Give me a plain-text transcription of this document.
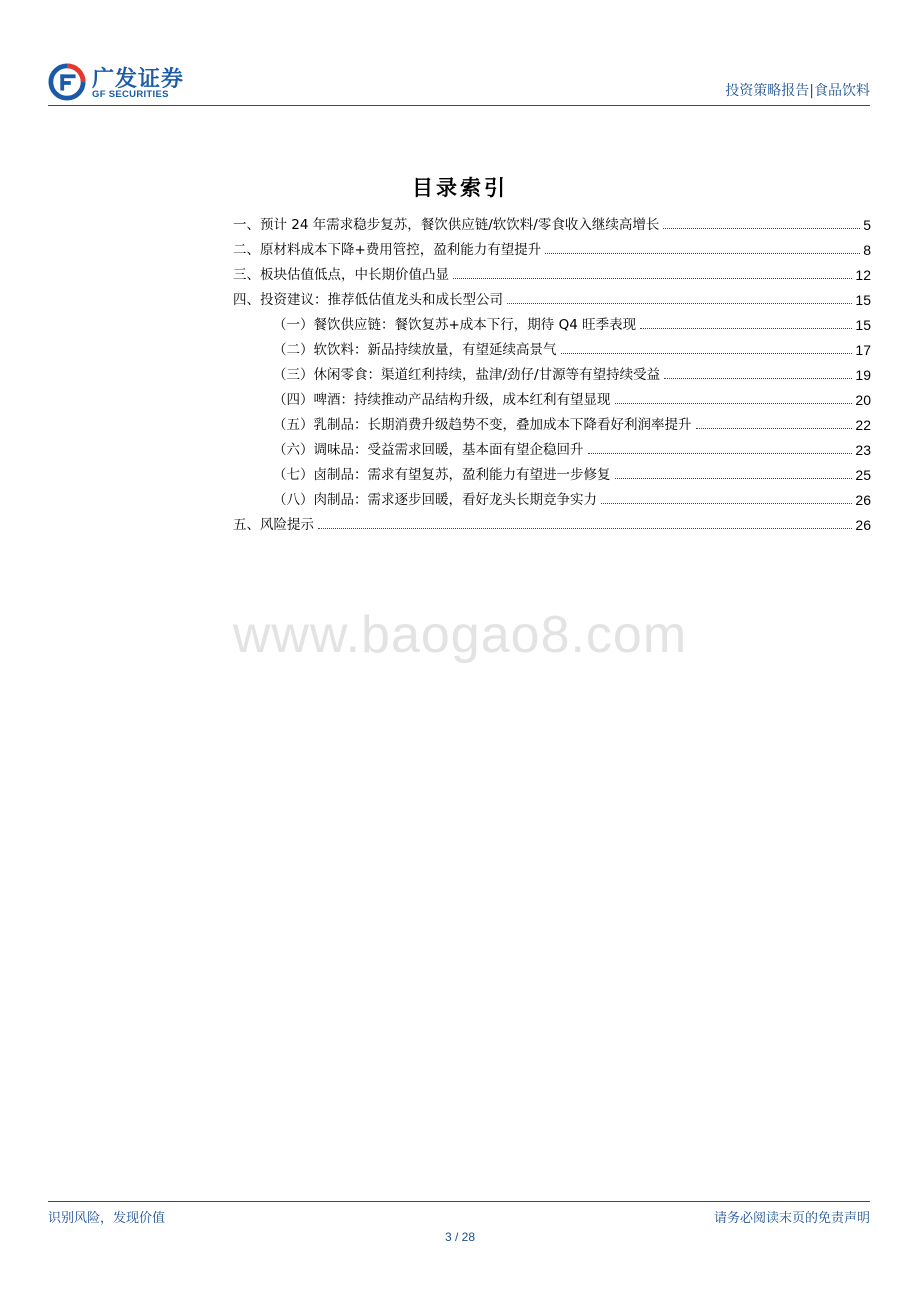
广发证券
GF SECURITIES	投资策略报告|食品饮料
目录索引
一、预计 24 年需求稳步复苏，餐饮供应链/软饮料/零食收入继续高增长	5
二、原材料成本下降+费用管控，盈利能力有望提升	8
三、板块估值低点，中长期价值凸显	12
四、投资建议：推荐低估值龙头和成长型公司	15
（一）餐饮供应链：餐饮复苏+成本下行，期待 Q4 旺季表现	15
（二）软饮料：新品持续放量，有望延续高景气	17
（三）休闲零食：渠道红利持续，盐津/劲仔/甘源等有望持续受益	19
（四）啤酒：持续推动产品结构升级，成本红利有望显现	20
（五）乳制品：长期消费升级趋势不变，叠加成本下降看好利润率提升	22
（六）调味品：受益需求回暖，基本面有望企稳回升	23
（七）卤制品：需求有望复苏，盈利能力有望进一步修复	25
（八）肉制品：需求逐步回暖，看好龙头长期竞争实力	26
五、风险提示	26
www.baogao8.com
识别风险，发现价值	请务必阅读末页的免责声明
3 / 28
